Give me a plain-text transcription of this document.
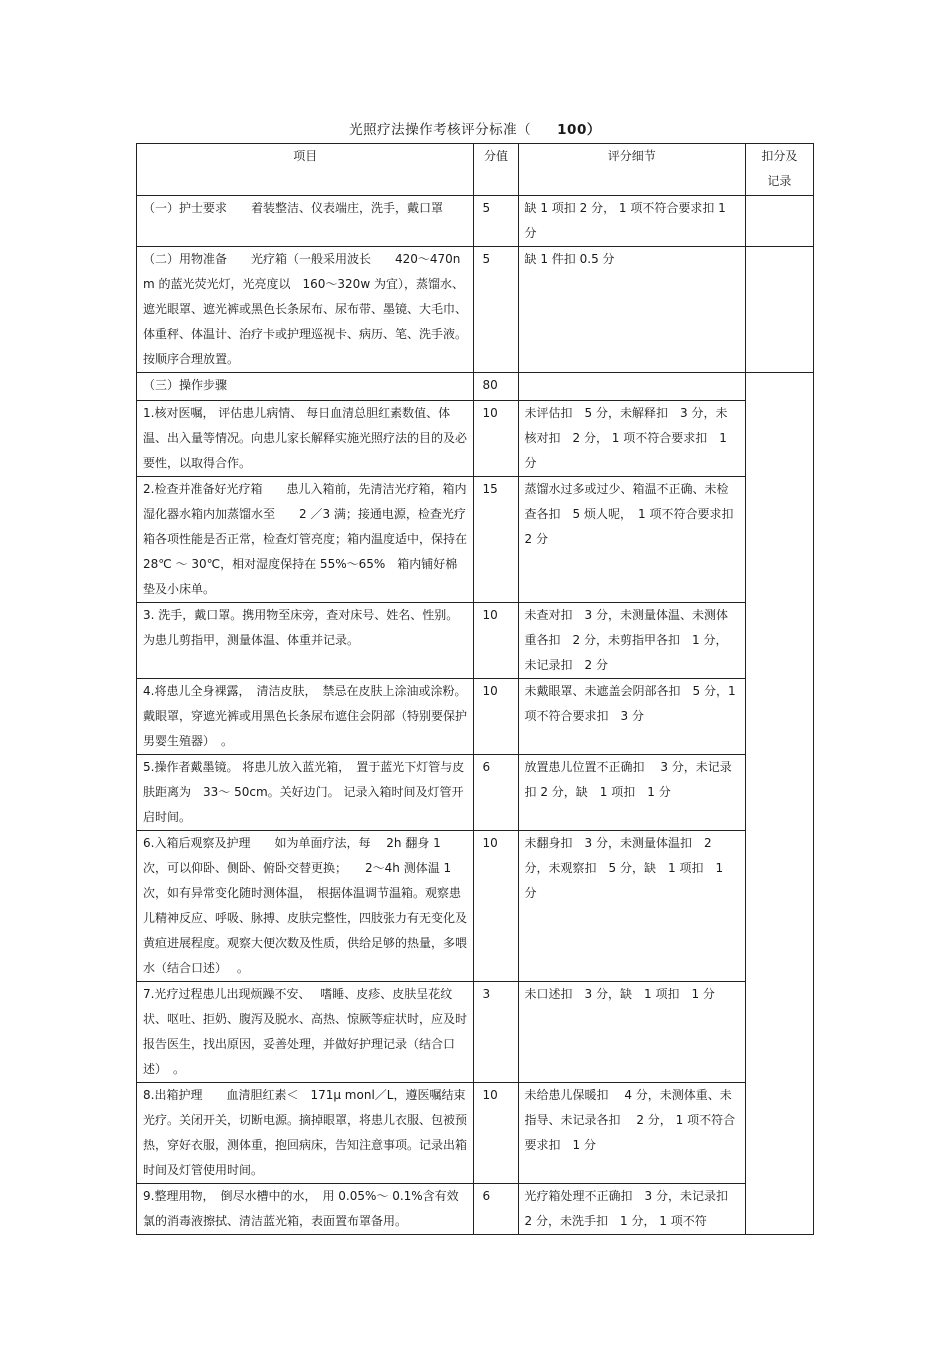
光照疗法操作考核评分标准（ 100）
项目	分值	评分细节	扣分及记录
（一）护士要求　　着装整洁、仪表端庄，洗手，戴口罩	5	缺 1 项扣 2 分， 1 项不符合要求扣 1 分	
（二）用物准备　　光疗箱（一般采用波长　　420～470nm 的蓝光荧光灯，光亮度以　160～320w 为宜），蒸馏水、遮光眼罩、遮光裤或黑色长条尿布、尿布带、墨镜、大毛巾、体重秤、体温计、治疗卡或护理巡视卡、病历、笔、洗手液。按顺序合理放置。	5	缺 1 件扣 0.5 分	
（三）操作步骤	80		
1.核对医嘱， 评估患儿病情、 每日血清总胆红素数值、体温、出入量等情况。向患儿家长解释实施光照疗法的目的及必要性，以取得合作。	10	未评估扣　5 分，未解释扣　3 分，未核对扣　2 分， 1 项不符合要求扣　1 分	
2.检查并准备好光疗箱　　患儿入箱前，先清洁光疗箱，箱内湿化器水箱内加蒸馏水至　　2 ／3 满；接通电源，检查光疗箱各项性能是否正常，检查灯管亮度；箱内温度适中，保持在　 28℃ ～ 30℃，相对湿度保持在 55%～65%　箱内铺好棉垫及小床单。	15	蒸馏水过多或过少、箱温不正确、未检查各扣　5 烦人呢，　1 项不符合要求扣　2 分	
3. 洗手，戴口罩。携用物至床旁，查对床号、姓名、性别。为患儿剪指甲，测量体温、体重并记录。	10	未查对扣　3 分，未测量体温、未测体重各扣　2 分，未剪指甲各扣　1 分，未记录扣　2 分	
4.将患儿全身裸露，　清洁皮肤，　禁忌在皮肤上涂油或涂粉。戴眼罩，穿遮光裤或用黑色长条尿布遮住会阴部（特别要保护男婴生殖器）　。	10	未戴眼罩、未遮盖会阴部各扣　5 分，1 项不符合要求扣　3 分	
5.操作者戴墨镜。 将患儿放入蓝光箱，　置于蓝光下灯管与皮肤距离为　33～ 50cm。关好边门。 记录入箱时间及灯管开启时间。	6	放置患儿位置不正确扣　 3 分，未记录扣 2 分，缺　1 项扣　1 分	
6.入箱后观察及护理　　如为单面疗法，每　 2h 翻身 1 次，可以仰卧、侧卧、俯卧交替更换；　　2～4h 测体温 1 次，如有异常变化随时测体温，　根据体温调节温箱。观察患儿精神反应、呼吸、脉搏、皮肤完整性，四肢张力有无变化及黄疸进展程度。观察大便次数及性质，供给足够的热量，多喂水（结合口述）　 。	10	未翻身扣　3 分，未测量体温扣　2 分，未观察扣　5 分，缺　1 项扣　1 分	
7.光疗过程患儿出现烦躁不安、　 嗜睡、皮疹、皮肤呈花纹状、呕吐、拒奶、腹泻及脱水、高热、惊厥等症状时，应及时报告医生，找出原因，妥善处理，并做好护理记录（结合口述）　。	3	未口述扣　3 分，缺　1 项扣　1 分	
8.出箱护理　　血清胆红素＜　171μ monl／L，遵医嘱结束光疗。关闭开关，切断电源。摘掉眼罩，将患儿衣服、包被预热，穿好衣服，测体重，抱回病床，告知注意事项。记录出箱时间及灯管使用时间。	10	未给患儿保暖扣　 4 分，未测体重、未指导、未记录各扣　 2 分， 1 项不符合要求扣　1 分	
9.整理用物，　倒尽水槽中的水，　用 0.05%～ 0.1%含有效氯的消毒液擦拭、清洁蓝光箱，表面置布罩备用。	6	光疗箱处理不正确扣　3 分，未记录扣 2 分，未洗手扣　1 分， 1 项不符	
